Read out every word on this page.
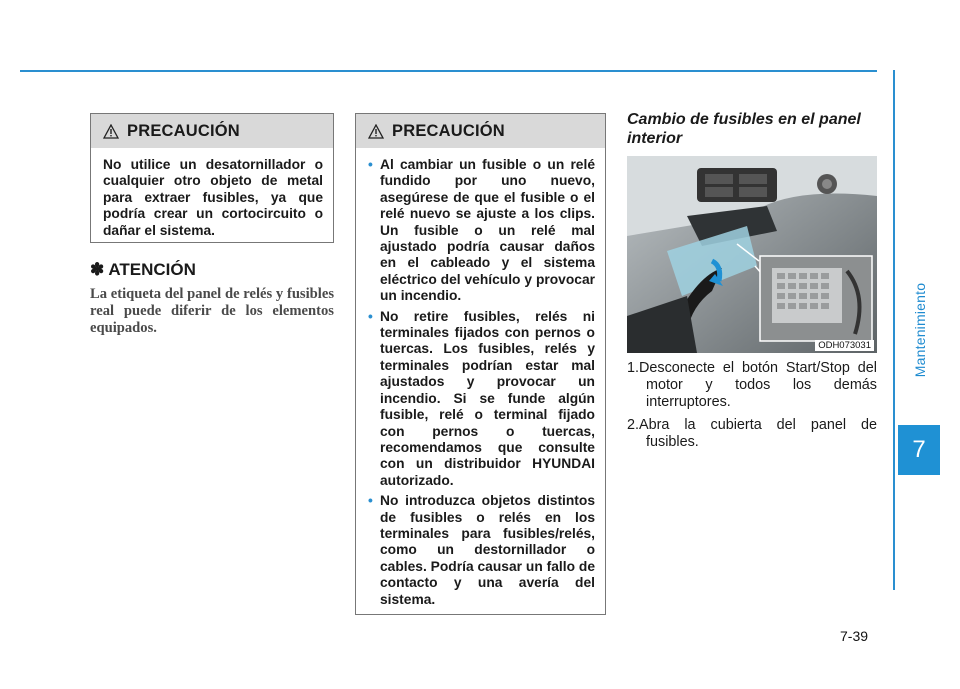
Mantenimiento
7
PRECAUCIÓN
No utilice un desatornillador o cualquier otro objeto de metal para extraer fusibles, ya que podría crear un cortocircuito o dañar el sistema.
✽ ATENCIÓN
La etiqueta del panel de relés y fusibles real puede diferir de los elementos equipados.
PRECAUCIÓN
• Al cambiar un fusible o un relé fundido por uno nuevo, asegúrese de que el fusible o el relé nuevo se ajuste a los clips. Un fusible o un relé mal ajustado podría causar daños en el cableado y el sistema eléctrico del vehículo y provocar un incendio.
• No retire fusibles, relés ni terminales fijados con pernos o tuercas. Los fusibles, relés y terminales podrían estar mal ajustados y provocar un incendio. Si se funde algún fusible, relé o terminal fijado con pernos o tuercas, recomendamos que consulte con un distribuidor HYUNDAI autorizado.
• No introduzca objetos distintos de fusibles o relés en los terminales para fusibles/relés, como un destornillador o cables. Podría causar un fallo de contacto y una avería del sistema.
Cambio de fusibles en el panel interior
ODH073031
1.Desconecte el botón Start/Stop del motor y todos los demás interruptores.
2.Abra la cubierta del panel de fusibles.
7-39
